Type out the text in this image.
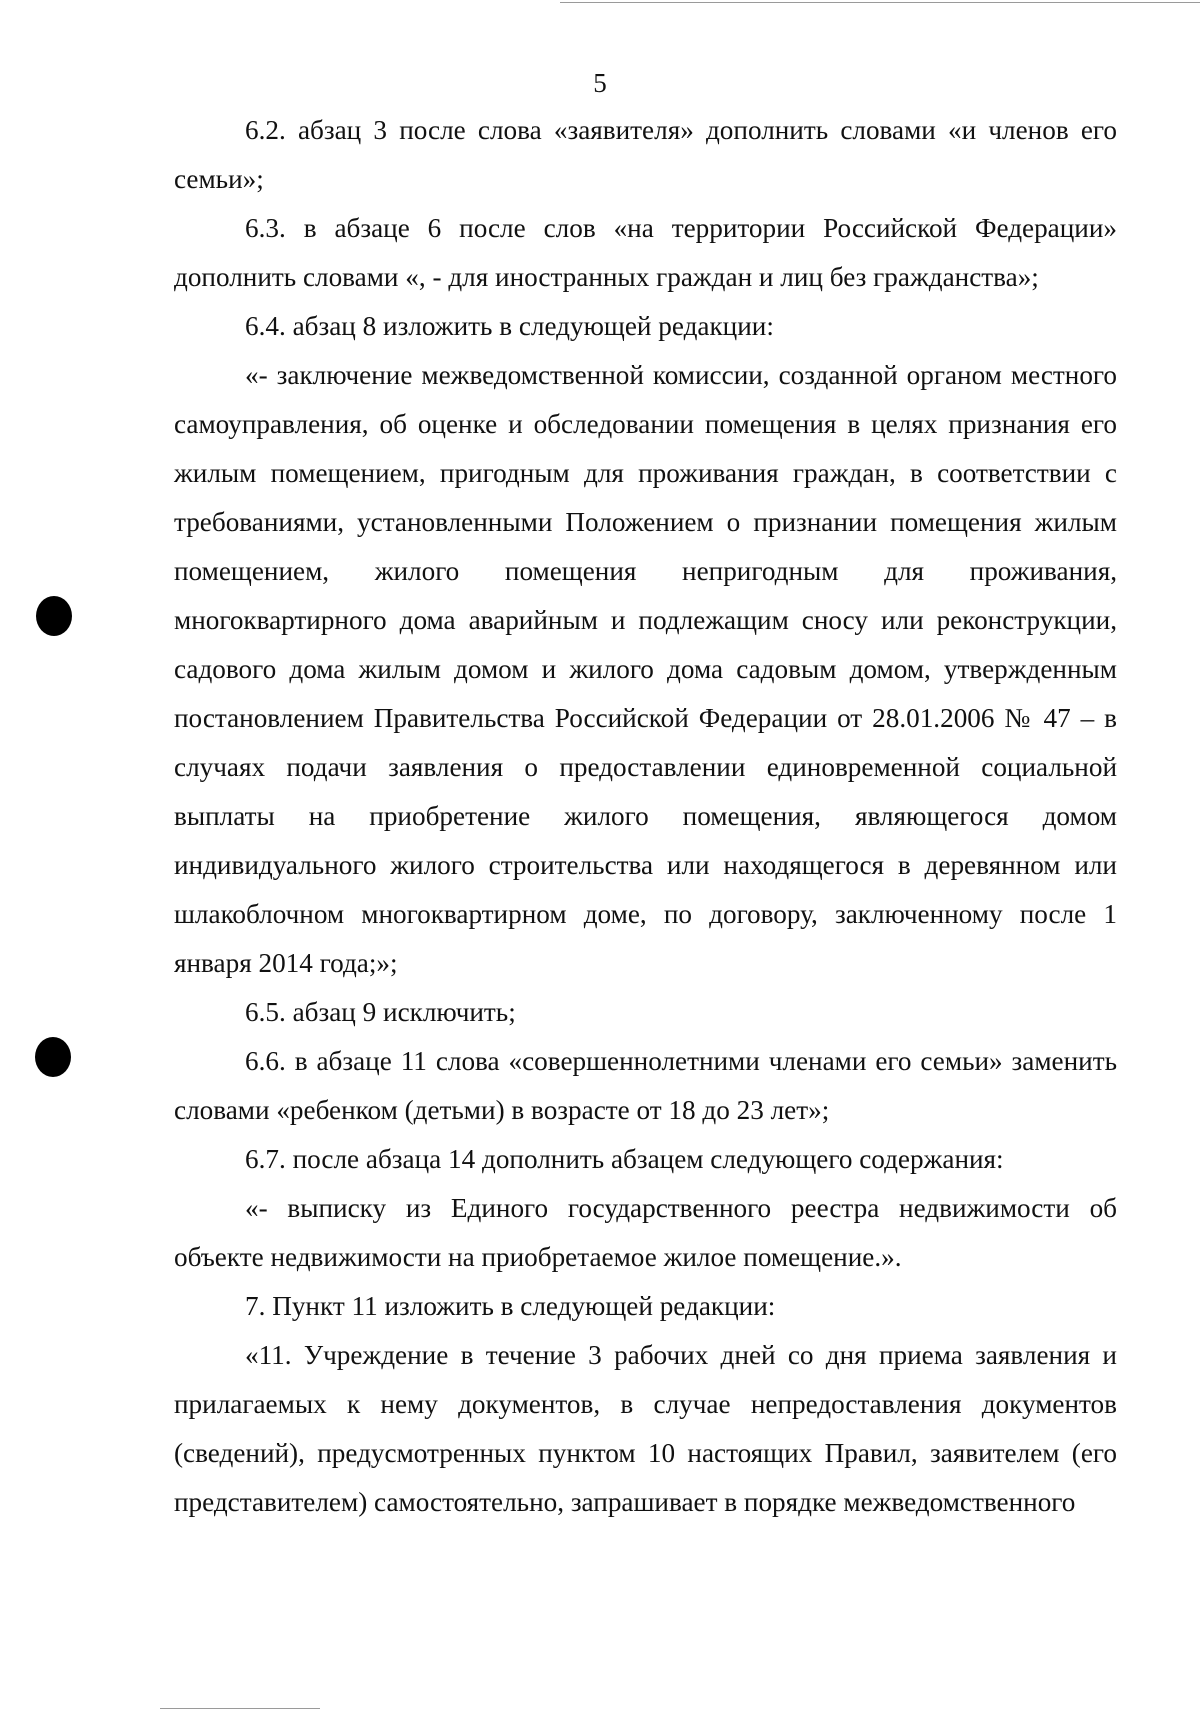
5

6.2. абзац 3 после слова «заявителя» дополнить словами «и членов его семьи»;

6.3. в абзаце 6 после слов «на территории Российской Федерации» дополнить словами «, - для иностранных граждан и лиц без гражданства»;

6.4. абзац 8 изложить в следующей редакции:

«- заключение межведомственной комиссии, созданной органом местного самоуправления, об оценке и обследовании помещения в целях признания его жилым помещением, пригодным для проживания граждан, в соответствии с требованиями, установленными Положением о признании помещения жилым помещением, жилого помещения непригодным для проживания, многоквартирного дома аварийным и подлежащим сносу или реконструкции, садового дома жилым домом и жилого дома садовым домом, утвержденным постановлением Правительства Российской Федерации от 28.01.2006 № 47 – в случаях подачи заявления о предоставлении единовременной социальной выплаты на приобретение жилого помещения, являющегося домом индивидуального жилого строительства или находящегося в деревянном или шлакоблочном многоквартирном доме, по договору, заключенному после 1 января 2014 года;»;

6.5. абзац 9 исключить;

6.6. в абзаце 11 слова «совершеннолетними членами его семьи» заменить словами «ребенком (детьми) в возрасте от 18 до 23 лет»;

6.7. после абзаца 14 дополнить абзацем следующего содержания:

«- выписку из Единого государственного реестра недвижимости об объекте недвижимости на приобретаемое жилое помещение.».

7. Пункт 11 изложить в следующей редакции:

«11. Учреждение в течение 3 рабочих дней со дня приема заявления и прилагаемых к нему документов, в случае непредоставления документов (сведений), предусмотренных пунктом 10 настоящих Правил, заявителем (его представителем) самостоятельно, запрашивает в порядке межведомственного
